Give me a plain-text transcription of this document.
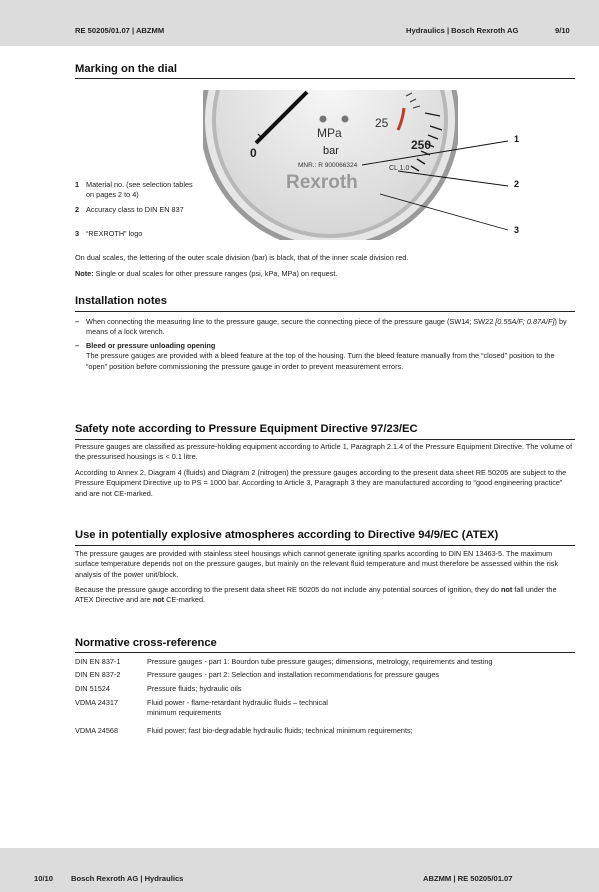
RE 50205/01.07 | ABZMM	Hydraulics | Bosch Rexroth AG	9/10
10/10 Bosch Rexroth AG | Hydraulics	ABZMM | RE 50205/01.07
Marking on the dial
MPa
bar
0
25
250
MNR.: R 900066324	CL 1.0
Rexroth
1
2
3
1 Material no. (see selection tables on pages 2 to 4)
2 Accuracy class to DIN EN 837
3 “REXROTH” logo
On dual scales, the lettering of the outer scale division (bar) is black, that of the inner scale division red.
Note: Single or dual scales for other pressure ranges (psi, kPa, MPa) on request.
Installation notes
– When connecting the measuring line to the pressure gauge, secure the connecting piece of the pressure gauge (SW14; SW22 [0.55A/F; 0.87A/F]) by means of a lock wrench.
– Bleed or pressure unloading opening
The pressure gauges are provided with a bleed feature at the top of the housing. Turn the bleed feature manually from the “closed” position to the “open” position before commissioning the pressure gauge in order to prevent measurement errors.
Safety note according to Pressure Equipment Directive 97/23/EC
Pressure gauges are classified as pressure-holding equipment according to Article 1, Paragraph 2.1.4 of the Pressure Equipment Directive. The volume of the pressurised housings is < 0.1 litre.
According to Annex 2, Diagram 4 (fluids) and Diagram 2 (nitrogen) the pressure gauges according to the present data sheet RE 50205 are subject to the Pressure Equipment Directive up to PS = 1000 bar. According to Article 3, Paragraph 3 they are manufactured according to “good engineering practice” and are not CE-marked.
Use in potentially explosive atmospheres according to Directive 94/9/EC (ATEX)
The pressure gauges are provided with stainless steel housings which cannot generate igniting sparks according to DIN EN 13463-5. The maximum surface temperature depends not on the pressure gauges, but mainly on the relevant fluid temperature and must therefore be assessed within the risk analysis of the power unit/block.
Because the pressure gauge according to the present data sheet RE 50205 do not include any potential sources of ignition, they do not fall under the ATEX Directive and are not CE-marked.
Normative cross-reference
DIN EN 837-1	Pressure gauges - part 1: Bourdon tube pressure gauges; dimensions, metrology, requirements and testing
DIN EN 837-2	Pressure gauges - part 2: Selection and installation recommendations for pressure gauges
DIN 51524	Pressure fluids; hydraulic oils
VDMA 24317	Fluid power - flame-retardant hydraulic fluids – technical minimum requirements
VDMA 24568	Fluid power; fast bio-degradable hydraulic fluids; technical minimum requirements;
